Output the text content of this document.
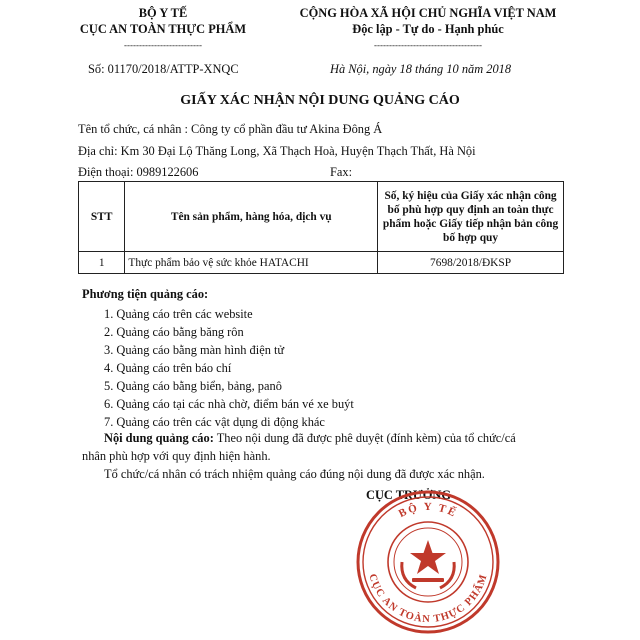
BỘ Y TẾ
CỤC AN TOÀN THỰC PHẨM
--------------------------
CỘNG HÒA XÃ HỘI CHỦ NGHĨA VIỆT NAM
Độc lập - Tự do - Hạnh phúc
------------------------------------
Số: 01170/2018/ATTP-XNQC	Hà Nội, ngày 18 tháng 10 năm 2018
GIẤY XÁC NHẬN NỘI DUNG QUẢNG CÁO
Tên tổ chức, cá nhân : Công ty cổ phần đầu tư Akina Đông Á
Địa chỉ: Km 30 Đại Lộ Thăng Long, Xã Thạch Hoà, Huyện Thạch Thất, Hà Nội
Điện thoại: 0989122606	Fax:
STT	Tên sản phẩm, hàng hóa, dịch vụ	Số, ký hiệu của Giấy xác nhận công bố phù hợp quy định an toàn thực phẩm hoặc Giấy tiếp nhận bản công bố hợp quy
1	Thực phẩm bảo vệ sức khỏe HATACHI	7698/2018/ĐKSP
Phương tiện quảng cáo:
1. Quảng cáo trên các website
2. Quảng cáo bằng băng rôn
3. Quảng cáo bằng màn hình điện tử
4. Quảng cáo trên báo chí
5. Quảng cáo bằng biển, bảng, panô
6. Quảng cáo tại các nhà chờ, điểm bán vé xe buýt
7. Quảng cáo trên các vật dụng di động khác
Nội dung quảng cáo: Theo nội dung đã được phê duyệt (đính kèm) của tổ chức/cá
nhân phù hợp với quy định hiện hành.
Tổ chức/cá nhân có trách nhiệm quảng cáo đúng nội dung đã được xác nhận.
CỤC TRƯỞNG
BỘ Y TẾ
CỤC AN TOÀN THỰC PHẨM
